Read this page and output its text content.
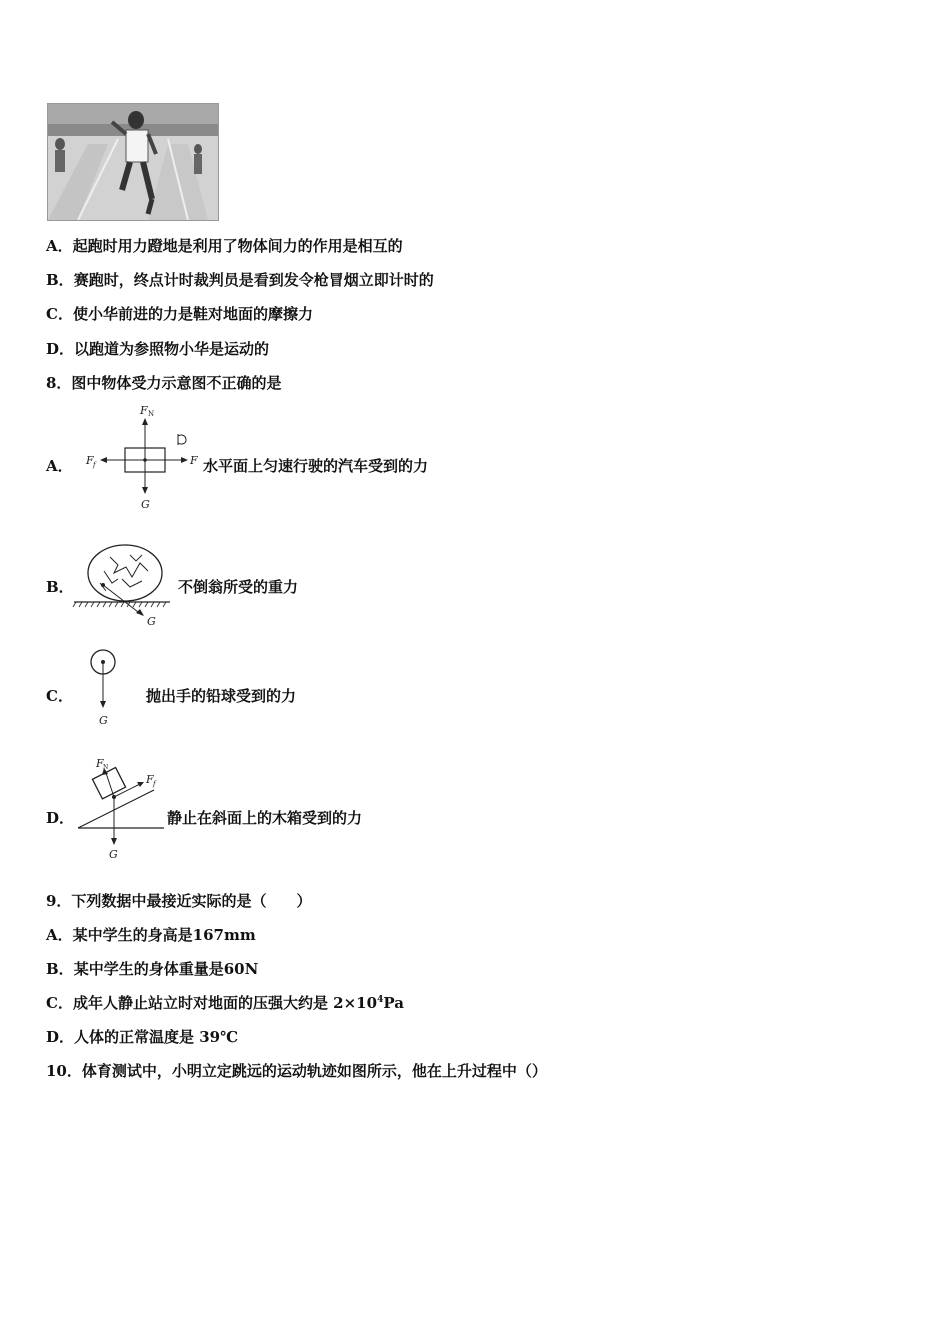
A．起跑时用力蹬地是利用了物体间力的作用是相互的
B．赛跑时，终点计时裁判员是看到发令枪冒烟立即计时的
C．使小华前进的力是鞋对地面的摩擦力
D．以跑道为参照物小华是运动的
8．图中物体受力示意图不正确的是
A．
F N
F f	F
G
水平面上匀速行驶的汽车受到的力
B．
G
不倒翁所受的重力
C．
G
抛出手的铅球受到的力
D．
F N
F f
G
静止在斜面上的木箱受到的力
9．下列数据中最接近实际的是（　　）
A．某中学生的身高是167mm
B．某中学生的身体重量是60N
C．成年人静止站立时对地面的压强大约是 $2\times 10^4Pa$
D．人体的正常温度是 39℃
10．体育测试中，小明立定跳远的运动轨迹如图所示，他在上升过程中（）
